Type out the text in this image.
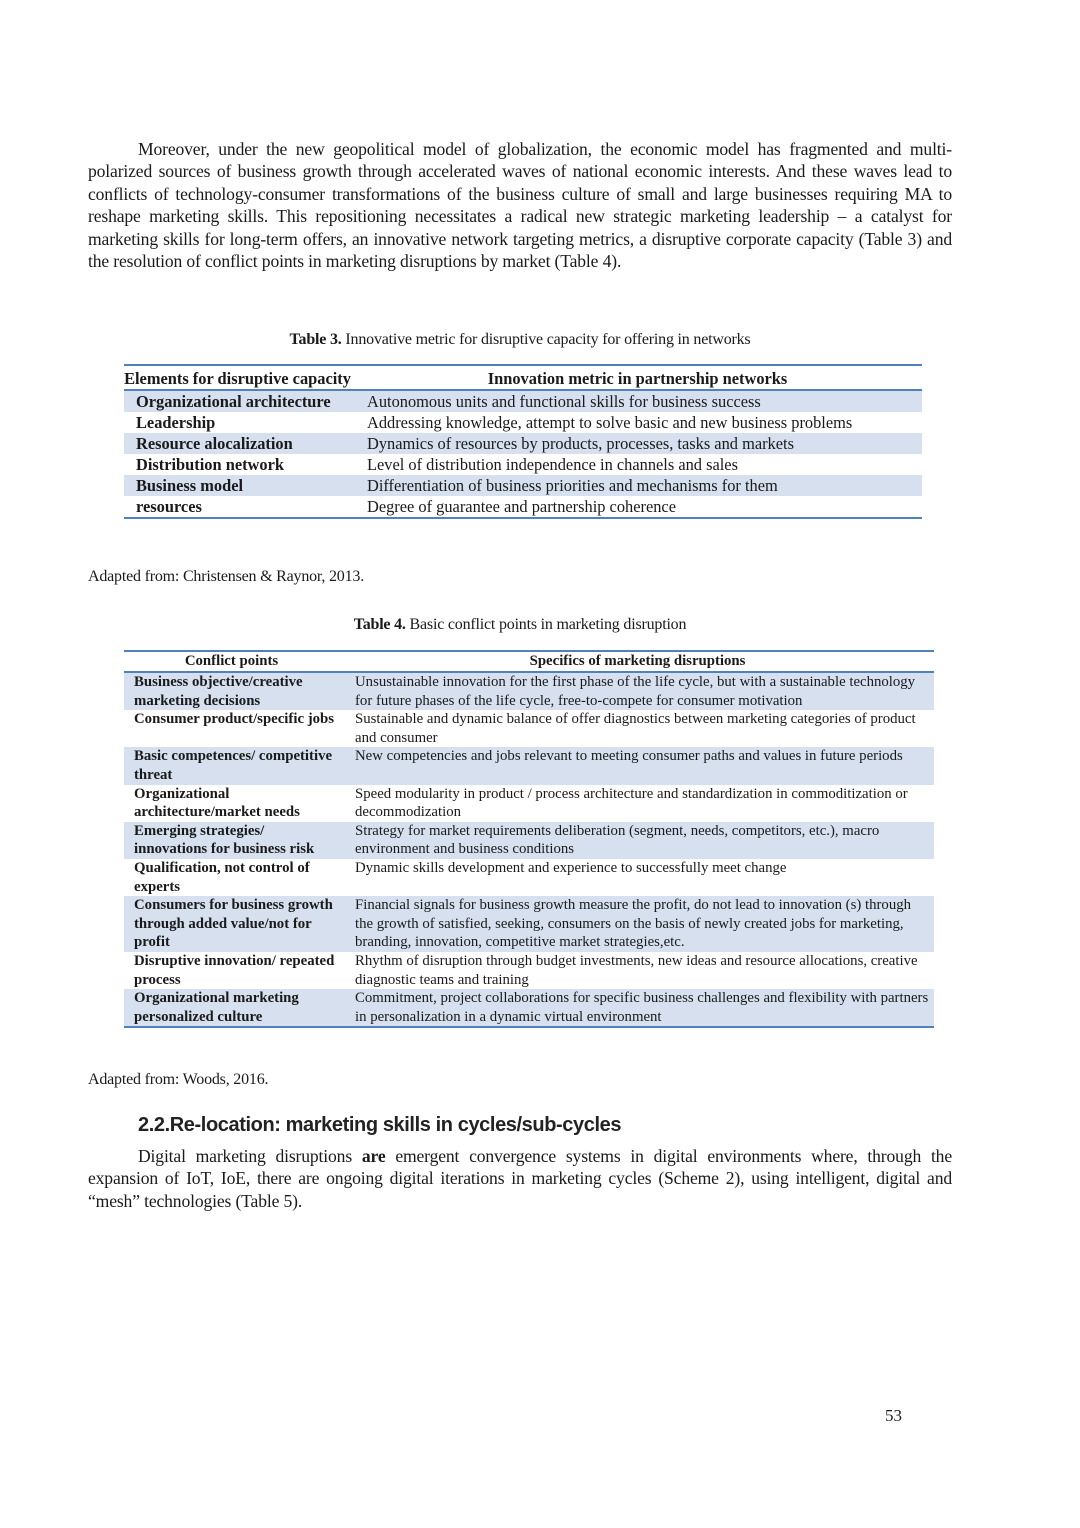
Moreover, under the new geopolitical model of globalization, the economic model has fragmented and multi-polarized sources of business growth through accelerated waves of national economic interests. And these waves lead to conflicts of technology-consumer transformations of the business culture of small and large businesses requiring MA to reshape marketing skills. This repositioning necessitates a radical new strategic marketing leadership – a catalyst for marketing skills for long-term offers, an innovative network targeting metrics, a disruptive corporate capacity (Table 3) and the resolution of conflict points in marketing disruptions by market (Table 4).
Table 3. Innovative metric for disruptive capacity for offering in networks
Elements for disruptive capacity	Innovation metric in partnership networks
Organizational architecture	Autonomous units and functional skills for business success
Leadership	Addressing knowledge, attempt to solve basic and new business problems
Resource alocalization	Dynamics of resources by products, processes, tasks and markets
Distribution network	Level of distribution independence in channels and sales
Business model	Differentiation of business priorities and mechanisms for them
resources	Degree of guarantee and partnership coherence
Adapted from: Christensen & Raynor, 2013.
Table 4. Basic conflict points in marketing disruption
Conflict points	Specifics of marketing disruptions
Business objective/creative marketing decisions	Unsustainable innovation for the first phase of the life cycle, but with a sustainable technology for future phases of the life cycle, free-to-compete for consumer motivation
Consumer product/specific jobs	Sustainable and dynamic balance of offer diagnostics between marketing categories of product and consumer
Basic competences/ competitive threat	New competencies and jobs relevant to meeting consumer paths and values in future periods
Organizational architecture/market needs	Speed modularity in product / process architecture and standardization in commoditization or decommodization
Emerging strategies/ innovations for business risk	Strategy for market requirements deliberation (segment, needs, competitors, etc.), macro environment and business conditions
Qualification, not control of experts	Dynamic skills development and experience to successfully meet change
Consumers for business growth through added value/not for profit	Financial signals for business growth measure the profit, do not lead to innovation (s) through the growth of satisfied, seeking, consumers on the basis of newly created jobs for marketing, branding, innovation, competitive market strategies,etc.
Disruptive innovation/ repeated process	Rhythm of disruption through budget investments, new ideas and resource allocations, creative diagnostic teams and training
Organizational marketing personalized culture	Commitment, project collaborations for specific business challenges and flexibility with partners in personalization in a dynamic virtual environment
Adapted from: Woods, 2016.
2.2.Re-location: marketing skills in cycles/sub-cycles
Digital marketing disruptions are emergent convergence systems in digital environments where, through the expansion of IoT, IoE, there are ongoing digital iterations in marketing cycles (Scheme 2), using intelligent, digital and “mesh” technologies (Table 5).
53
